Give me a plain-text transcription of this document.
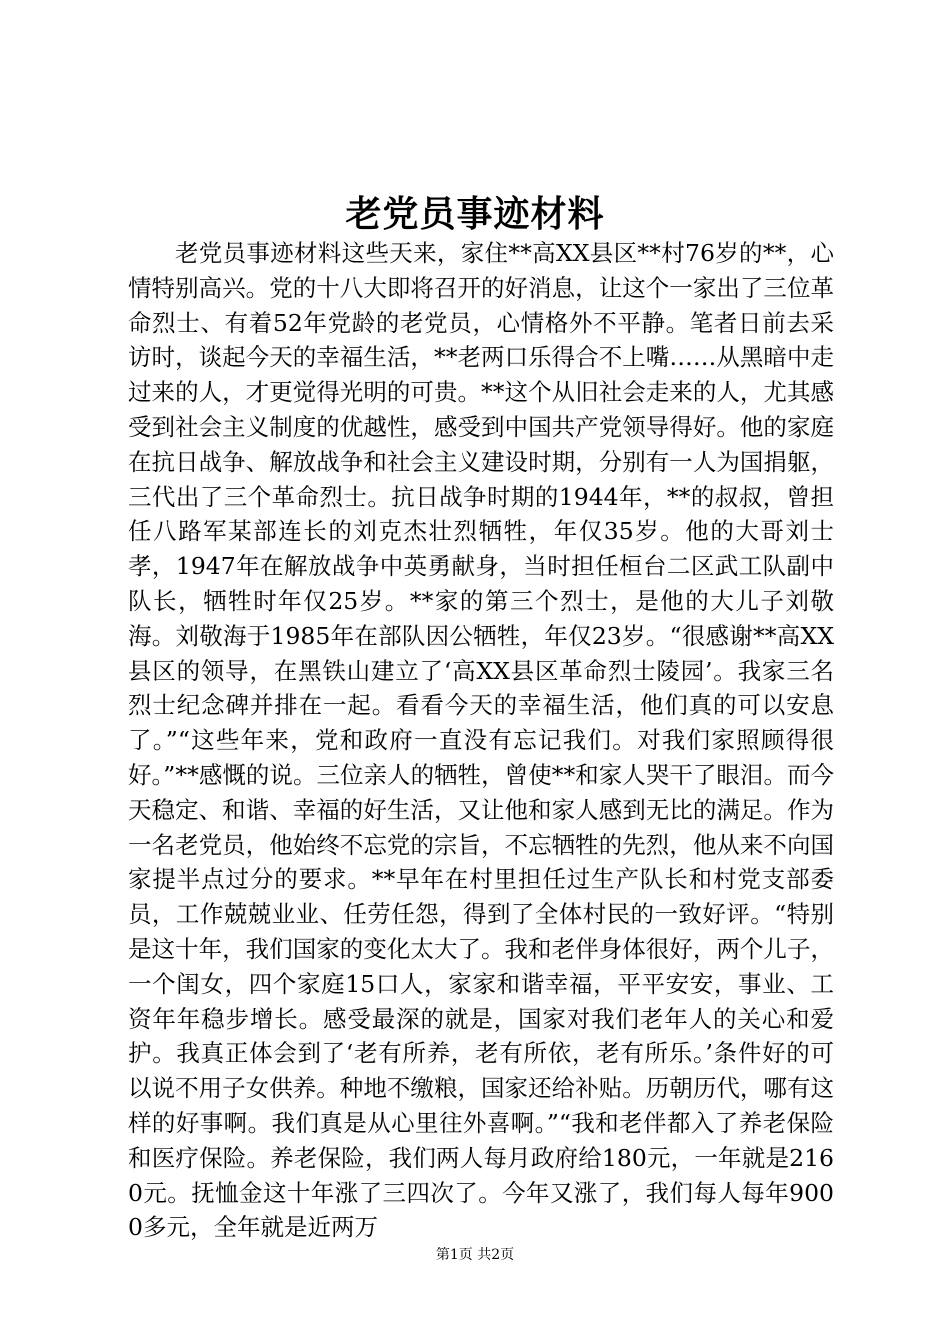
老党员事迹材料

老党员事迹材料这些天来，家住**高XX县区**村76岁的**，心情特别高兴。党的十八大即将召开的好消息，让这个一家出了三位革命烈士、有着52年党龄的老党员，心情格外不平静。笔者日前去采访时，谈起今天的幸福生活，**老两口乐得合不上嘴……从黑暗中走过来的人，才更觉得光明的可贵。**这个从旧社会走来的人，尤其感受到社会主义制度的优越性，感受到中国共产党领导得好。他的家庭在抗日战争、解放战争和社会主义建设时期，分别有一人为国捐躯，三代出了三个革命烈士。抗日战争时期的1944年，**的叔叔，曾担任八路军某部连长的刘克杰壮烈牺牲，年仅35岁。他的大哥刘士孝，1947年在解放战争中英勇献身，当时担任桓台二区武工队副中队长，牺牲时年仅25岁。**家的第三个烈士，是他的大儿子刘敬海。刘敬海于1985年在部队因公牺牲，年仅23岁。“很感谢**高XX县区的领导，在黑铁山建立了‘高XX县区革命烈士陵园’。我家三名烈士纪念碑并排在一起。看看今天的幸福生活，他们真的可以安息了。”“这些年来，党和政府一直没有忘记我们。对我们家照顾得很好。”**感慨的说。三位亲人的牺牲，曾使**和家人哭干了眼泪。而今天稳定、和谐、幸福的好生活，又让他和家人感到无比的满足。作为一名老党员，他始终不忘党的宗旨，不忘牺牲的先烈，他从来不向国家提半点过分的要求。**早年在村里担任过生产队长和村党支部委员，工作兢兢业业、任劳任怨，得到了全体村民的一致好评。“特别是这十年，我们国家的变化太大了。我和老伴身体很好，两个儿子，一个闺女，四个家庭15口人，家家和谐幸福，平平安安，事业、工资年年稳步增长。感受最深的就是，国家对我们老年人的关心和爱护。我真正体会到了‘老有所养，老有所依，老有所乐。’条件好的可以说不用子女供养。种地不缴粮，国家还给补贴。历朝历代，哪有这样的好事啊。我们真是从心里往外喜啊。”“我和老伴都入了养老保险和医疗保险。养老保险，我们两人每月政府给180元，一年就是2160元。抚恤金这十年涨了三四次了。今年又涨了，我们每人每年9000多元，全年就是近两万

第1页 共2页
